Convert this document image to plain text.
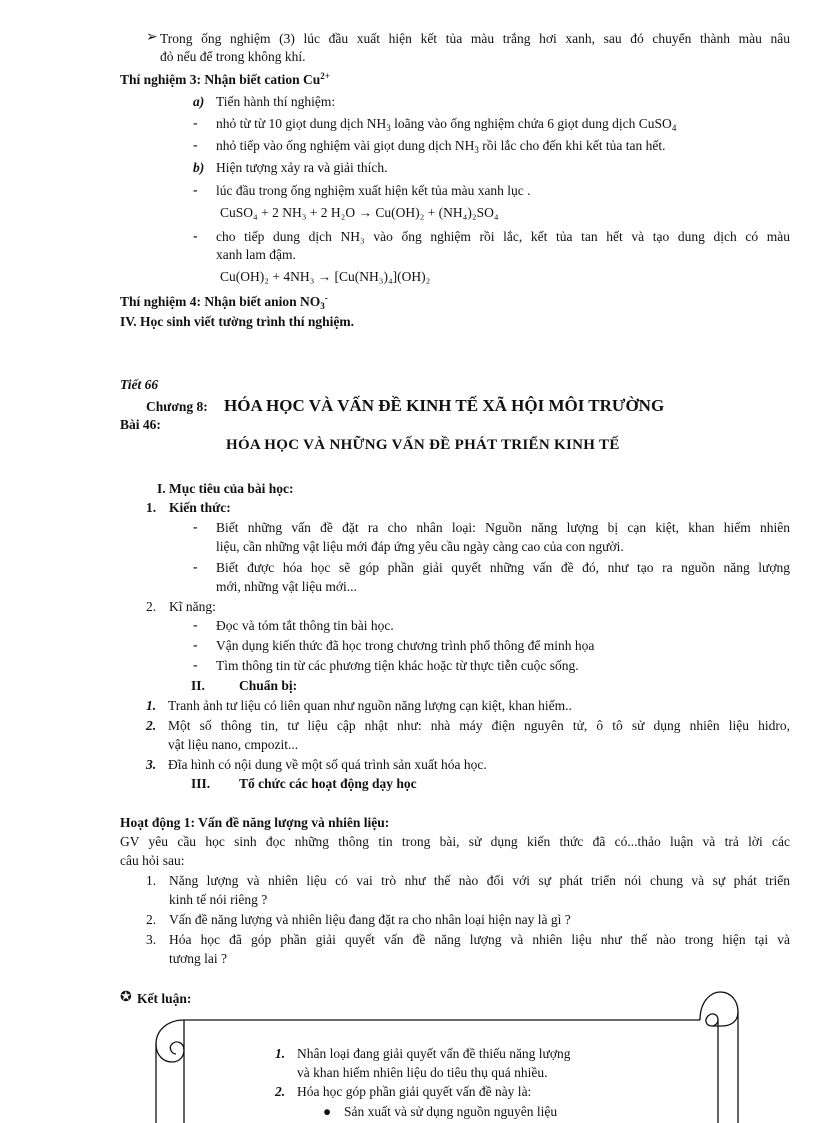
➢ Trong ống nghiệm (3) lúc đầu xuất hiện kết tủa màu trắng hơi xanh, sau đó chuyển thành màu nâu
đỏ nếu để trong không khí.
Thí nghiệm 3: Nhận biết cation $Cu^{2+}$
a) Tiến hành thí nghiệm:
- nhỏ từ từ 10 giọt dung dịch $NH_3$ loãng vào ống nghiệm chứa 6 giọt dung dịch CuSO$_4$
- nhỏ tiếp vào ống nghiệm vài giọt dung dịch $NH_3$ rồi lắc cho đến khi kết tủa tan hết.
b) Hiện tượng xảy ra và giải thích.
- lúc đầu trong ống nghiệm xuất hiện kết tủa màu xanh lục .
CuSO₄ + 2 NH₃ + 2 H₂O → Cu(OH)₂ + (NH₄)₂SO₄
- cho tiếp dung dịch NH₃ vào ống nghiệm rồi lắc, kết tủa tan hết và tạo dung dịch có màu
xanh lam đậm.
Cu(OH)₂ + 4NH₃ → [Cu(NH₃)₄](OH)₂
Thí nghiệm 4: Nhận biết anion $NO_3^-$
IV. Học sinh viết tường trình thí nghiệm.
Tiết 66
Chương 8: HÓA HỌC VÀ VẤN ĐỀ KINH TẾ XÃ HỘI MÔI TRƯỜNG
Bài 46:
HÓA HỌC VÀ NHỮNG VẤN ĐỀ PHÁT TRIỂN KINH TẾ
I. Mục tiêu của bài học:
1. Kiến thức:
- Biết những vấn đề đặt ra cho nhân loại: Nguồn năng lượng bị cạn kiệt, khan hiếm nhiên
liệu, cần những vật liệu mới đáp ứng yêu cầu ngày càng cao của con người.
- Biết được hóa học sẽ góp phần giải quyết những vấn đề đó, như tạo ra nguồn năng lượng
mới, những vật liệu mới...
2. Kĩ năng:
- Đọc và tóm tắt thông tin bài học.
- Vận dụng kiến thức đã học trong chương trình phổ thông để minh họa
- Tìm thông tin từ các phương tiện khác hoặc từ thực tiễn cuộc sống.
II.	Chuẩn bị:
1. Tranh ảnh tư liệu có liên quan như nguồn năng lượng cạn kiệt, khan hiếm..
2. Một số thông tin, tư liệu cập nhật như: nhà máy điện nguyên tử, ô tô sử dụng nhiên liệu hidro,
vật liệu nano, cmpozit...
3. Đĩa hình có nội dung về một số quá trình sản xuất hóa học.
III. Tổ chức các hoạt động dạy học
Hoạt động 1: Vấn đề năng lượng và nhiên liệu:
GV yêu cầu học sinh đọc những thông tin trong bài, sử dụng kiến thức đã có...thảo luận và trả lời các
câu hỏi sau:
1. Năng lượng và nhiên liệu có vai trò như thế nào đối với sự phát triển nói chung và sự phát triển
kinh tế nói riêng ?
2. Vấn đề năng lượng và nhiên liệu đang đặt ra cho nhân loại hiện nay là gì ?
3. Hóa học đã góp phần giải quyết vấn đề năng lượng và nhiên liệu như thế nào trong hiện tại và
tương lai ?
✪ Kết luận:
1. Nhân loại đang giải quyết vấn đề thiếu năng lượng
và khan hiếm nhiên liệu do tiêu thụ quá nhiều.
2. Hóa học góp phần giải quyết vấn đề này là:
● Sản xuất và sử dụng nguồn nguyên liệu
